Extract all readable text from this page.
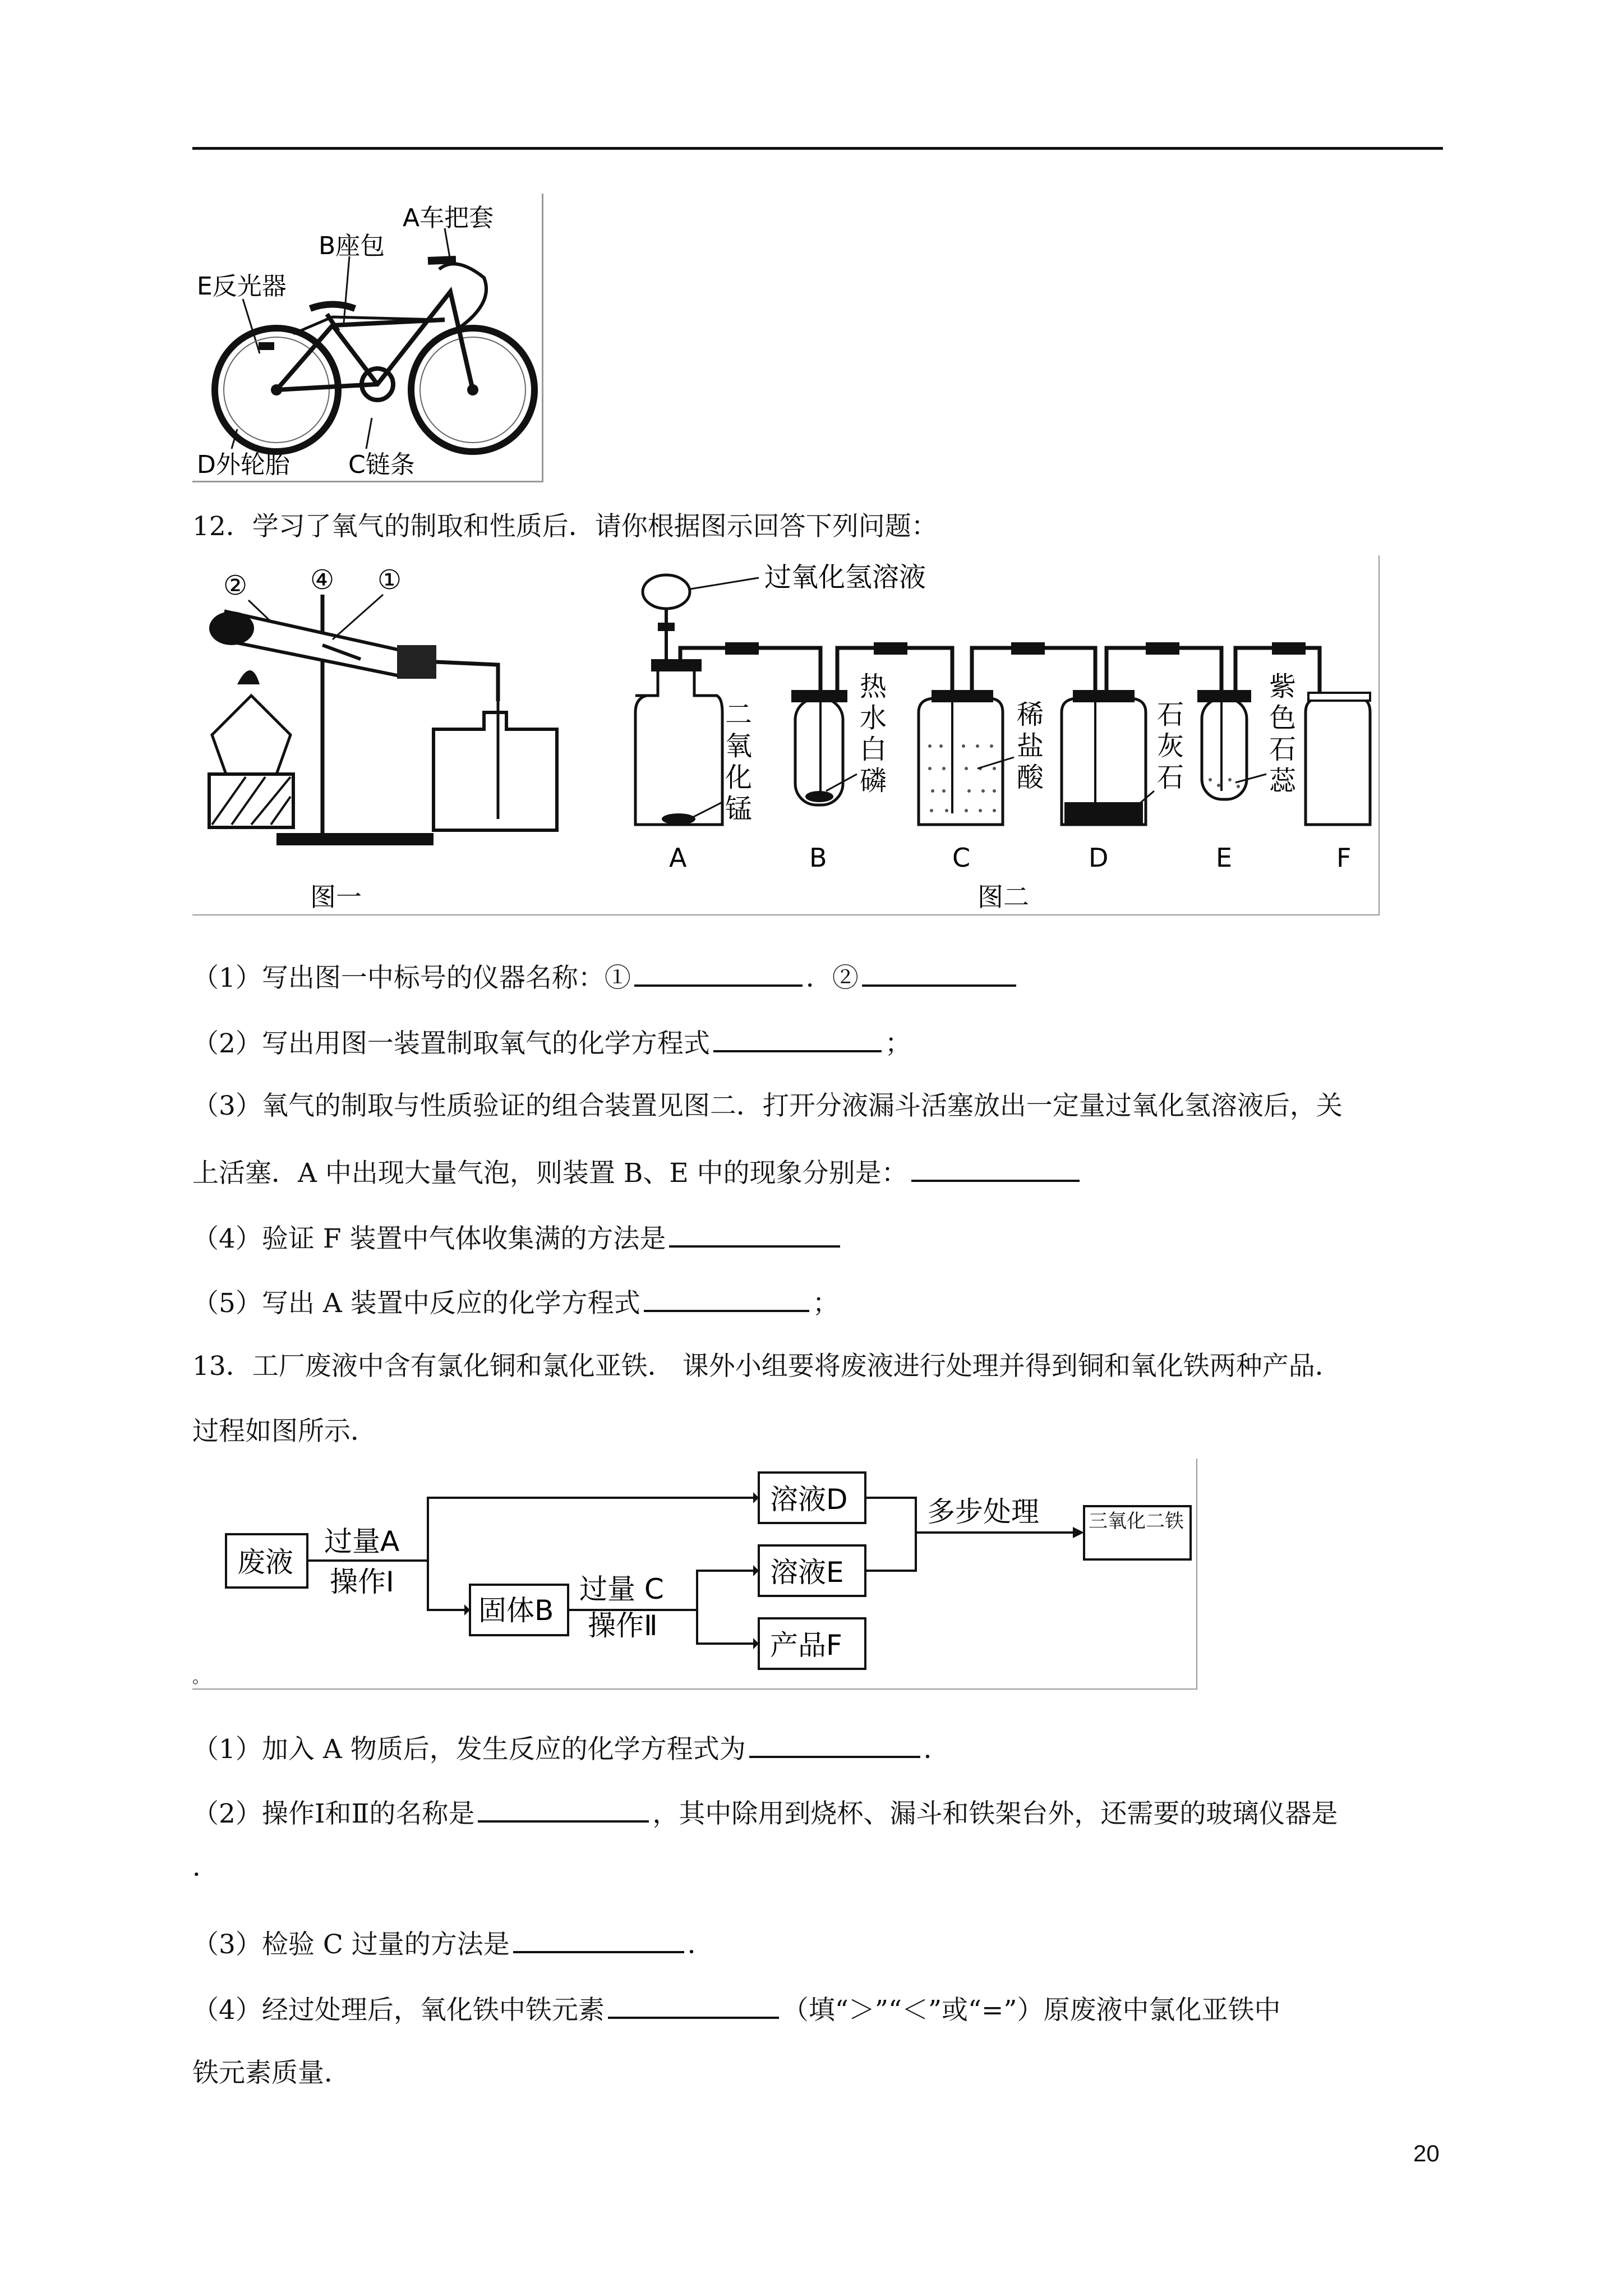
A车把套
B座包
E反光器
D外轮胎 C链条
12．学习了氧气的制取和性质后．请你根据图示回答下列问题：
② ④ ①
图一
过氧化氢溶液
二氧化锰
热水白磷
稀盐酸
石灰石
紫色石蕊
A	B	C	D	E	F
图二
（1）写出图一中标号的仪器名称：①	．②
（2）写出用图一装置制取氧气的化学方程式	；
（3）氧气的制取与性质验证的组合装置见图二．打开分液漏斗活塞放出一定量过氧化氢溶液后，关
上活塞．A 中出现大量气泡，则装置 B、E 中的现象分别是：
（4）验证 F 装置中气体收集满的方法是
（5）写出 A 装置中反应的化学方程式	；
13．工厂废液中含有氯化铜和氯化亚铁． 课外小组要将废液进行处理并得到铜和氧化铁两种产品．
过程如图所示．
废液
过量A
操作Ⅰ
固体B
过量 C
操作Ⅱ
溶液D
溶液E
产品F
多步处理	三氧化二铁
。
（1）加入 A 物质后，发生反应的化学方程式为	．
（2）操作Ⅰ和Ⅱ的名称是	，其中除用到烧杯、漏斗和铁架台外，还需要的玻璃仪器是
．
（3）检验 C 过量的方法是	．
（4）经过处理后，氧化铁中铁元素	（填“＞”“＜”或“=”）原废液中氯化亚铁中
铁元素质量．
20
